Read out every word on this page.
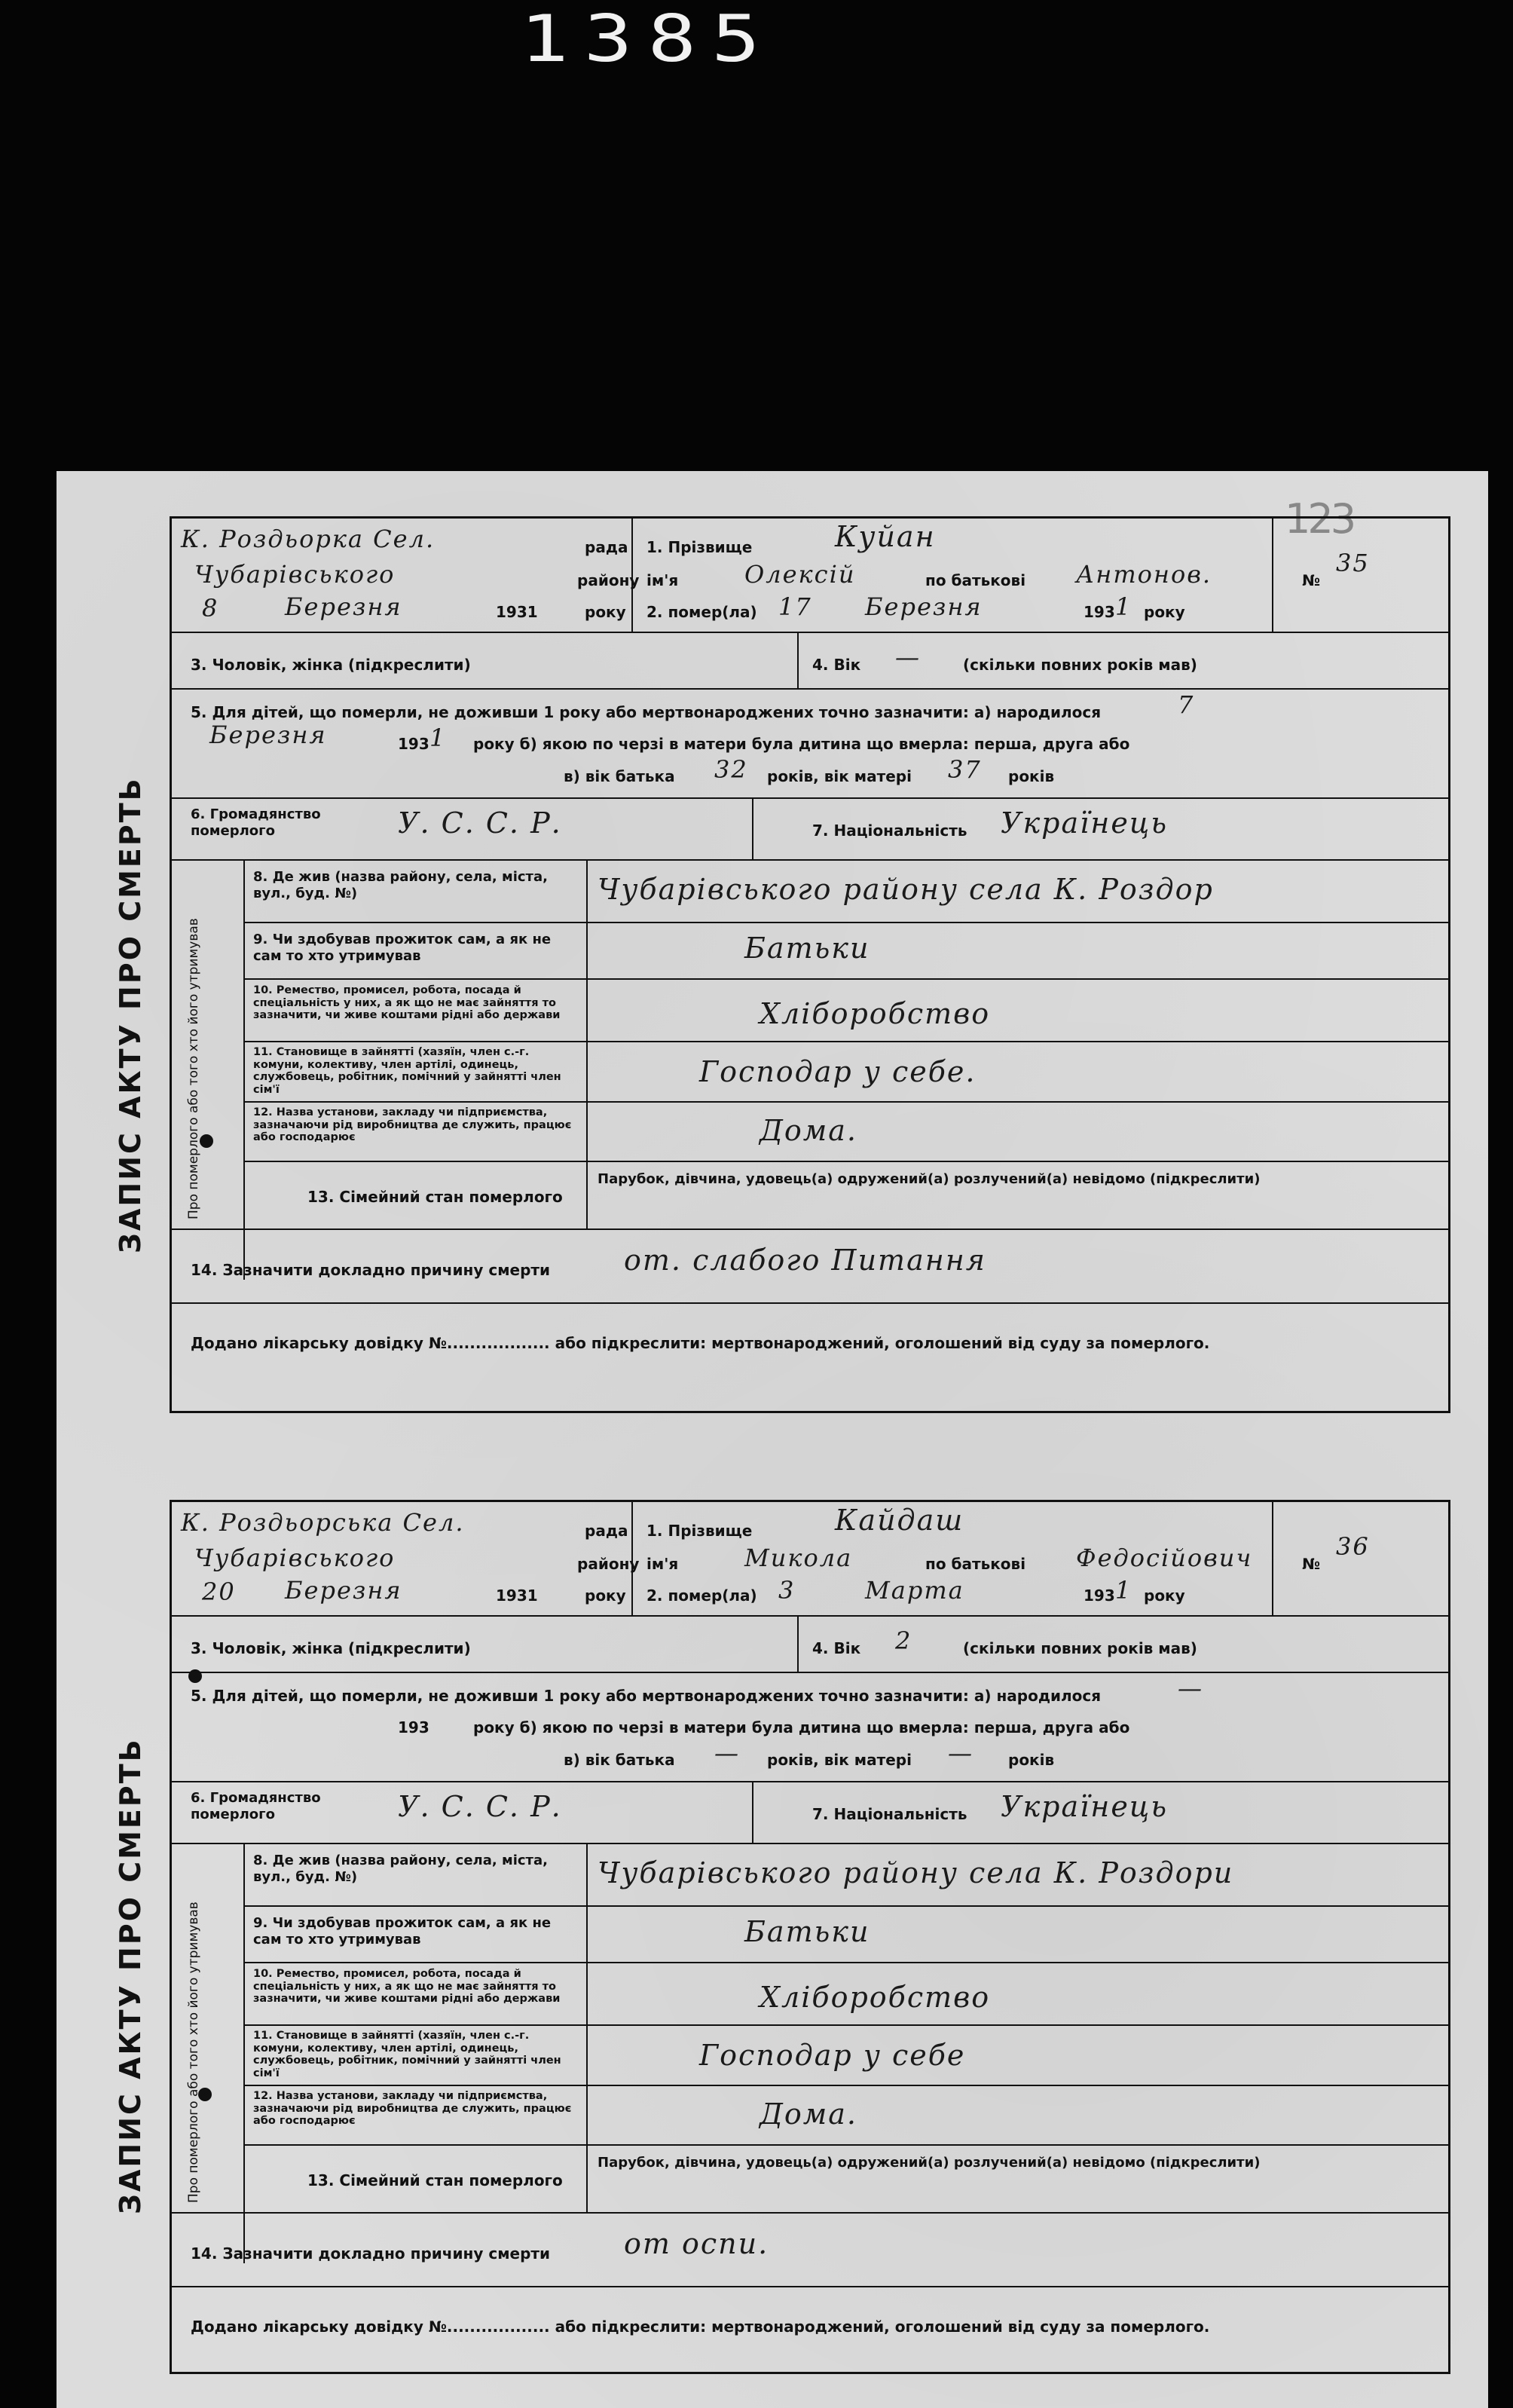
1385
123
ЗАПИС АКТУ ПРО СМЕРТЬ
К. Роздьорка Сел.	рада
Чубарівського	району
8	Березня	1931	року
1. Прізвище	Куйан
ім'я	Олексій	по батькові Антонов.
2. помер(ла) 17 Березня	193 1 року
№
35
3. Чоловік, жінка (підкреслити)	4. Вік —	(скільки повних років мав)
5. Для дітей, що померли, не доживши 1 року або мертвонароджених точно зазначити: а) народилося	7
Березня	193 1 року б) якою по черзі в матери була дитина що вмерла: перша, друга або
в) вік батька 32 років, вік матері 37 років
6. Громадянство померлого	У. С. С. Р.	7. Національність Українець
Про померлого або того хто його утримував
8. Де жив (назва району, села, міста, вул., буд. №)	Чубарівського району села К. Роздор
9. Чи здобував прожиток сам, а як не сам то хто утримував	Батьки
10. Ремество, промисел, робота, посада й спеціальність у них, а як що не має зайняття то зазначити, чи живе коштами рідні або держави	Хліборобство
11. Становище в зайнятті (хазяїн, член с.-г. комуни, колективу, член артілі, одинець, службовець, робітник, помічний у зайнятті член сім'ї
Господар у себе.
12. Назва установи, закладу чи підприємства, зазначаючи рід виробництва де служить, працює або господарює	Дома.
13. Сімейний стан померлого
Парубок, дівчина, удовець(а) одружений(а) розлучений(а) невідомо (підкреслити)
14. Зазначити докладно причину смерти	от. слабого Питання
Додано лікарську довідку №.................. або підкреслити: мертвонароджений, оголошений від суду за померлого.
ЗАПИС АКТУ ПРО СМЕРТЬ
К. Роздьорська Сел.	рада
Чубарівського	району
20 Березня	1931	року
1. Прізвище	Кайдаш
ім'я	Микола	по батькові Федосійович
2. помер(ла) 3	Марта	193 1 року
№
36
3. Чоловік, жінка (підкреслити)	4. Вік 2	(скільки повних років мав)
5. Для дітей, що померли, не доживши 1 року або мертвонароджених точно зазначити: а) народилося	—
193	року б) якою по черзі в матери була дитина що вмерла: перша, друга або
в) вік батька — років, вік матері — років
6. Громадянство померлого	У. С. С. Р.	7. Національність Українець
Про померлого або того хто його утримував
8. Де жив (назва району, села, міста, вул., буд. №)	Чубарівського району села К. Роздори
9. Чи здобував прожиток сам, а як не сам то хто утримував	Батьки
10. Ремество, промисел, робота, посада й спеціальність у них, а як що не має зайняття то зазначити, чи живе коштами рідні або держави	Хліборобство
11. Становище в зайнятті (хазяїн, член с.-г. комуни, колективу, член артілі, одинець, службовець, робітник, помічний у зайнятті член сім'ї
Господар у себе
12. Назва установи, закладу чи підприємства, зазначаючи рід виробництва де служить, працює або господарює	Дома.
13. Сімейний стан померлого
Парубок, дівчина, удовець(а) одружений(а) розлучений(а) невідомо (підкреслити)
14. Зазначити докладно причину смерти	от оспи.
Додано лікарську довідку №.................. або підкреслити: мертвонароджений, оголошений від суду за померлого.
